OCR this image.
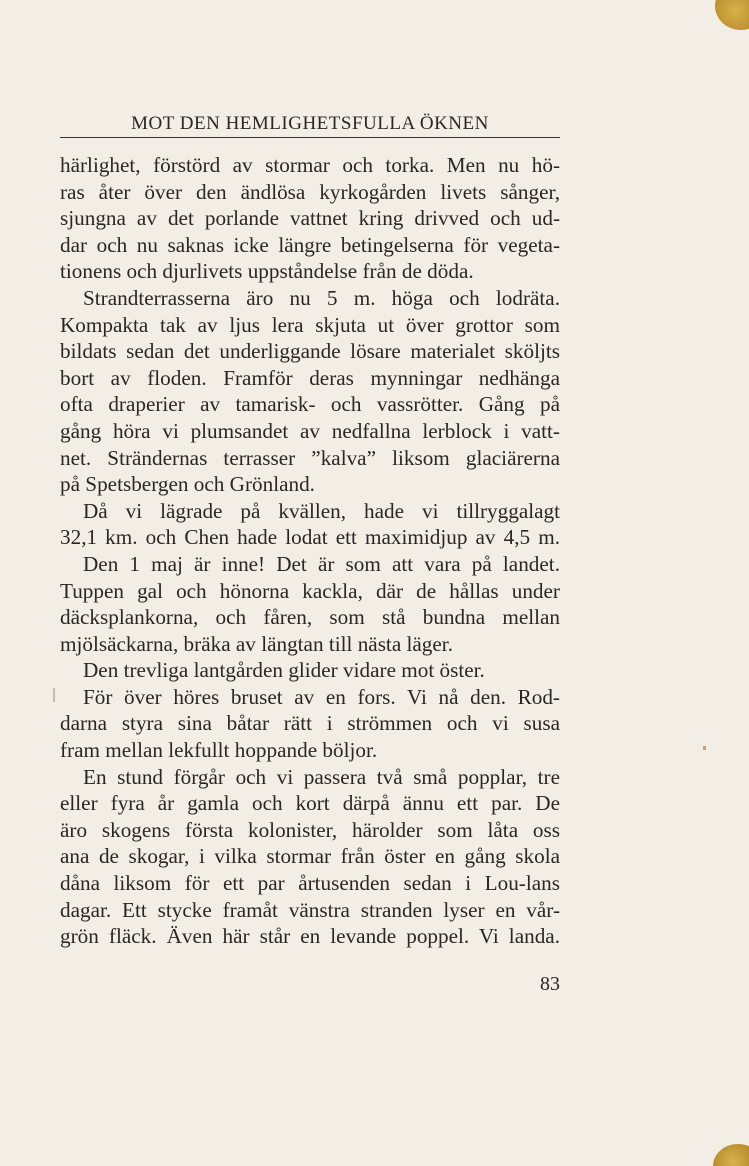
MOT DEN HEMLIGHETSFULLA ÖKNEN
härlighet, förstörd av stormar och torka. Men nu hö-
ras åter över den ändlösa kyrkogården livets sånger,
sjungna av det porlande vattnet kring drivved och ud-
dar och nu saknas icke längre betingelserna för vegeta-
tionens och djurlivets uppståndelse från de döda.
Strandterrasserna äro nu 5 m. höga och lodräta.
Kompakta tak av ljus lera skjuta ut över grottor som
bildats sedan det underliggande lösare materialet sköljts
bort av floden. Framför deras mynningar nedhänga
ofta draperier av tamarisk- och vassrötter. Gång på
gång höra vi plumsandet av nedfallna lerblock i vatt-
net. Strändernas terrasser ”kalva” liksom glaciärerna
på Spetsbergen och Grönland.
Då vi lägrade på kvällen, hade vi tillryggalagt
32,1 km. och Chen hade lodat ett maximidjup av 4,5 m.
Den 1 maj är inne! Det är som att vara på landet.
Tuppen gal och hönorna kackla, där de hållas under
däcksplankorna, och fåren, som stå bundna mellan
mjölsäckarna, bräka av längtan till nästa läger.
Den trevliga lantgården glider vidare mot öster.
För över höres bruset av en fors. Vi nå den. Rod-
darna styra sina båtar rätt i strömmen och vi susa
fram mellan lekfullt hoppande böljor.
En stund förgår och vi passera två små popplar, tre
eller fyra år gamla och kort därpå ännu ett par. De
äro skogens första kolonister, härolder som låta oss
ana de skogar, i vilka stormar från öster en gång skola
dåna liksom för ett par årtusenden sedan i Lou-lans
dagar. Ett stycke framåt vänstra stranden lyser en vår-
grön fläck. Även här står en levande poppel. Vi landa.
83
